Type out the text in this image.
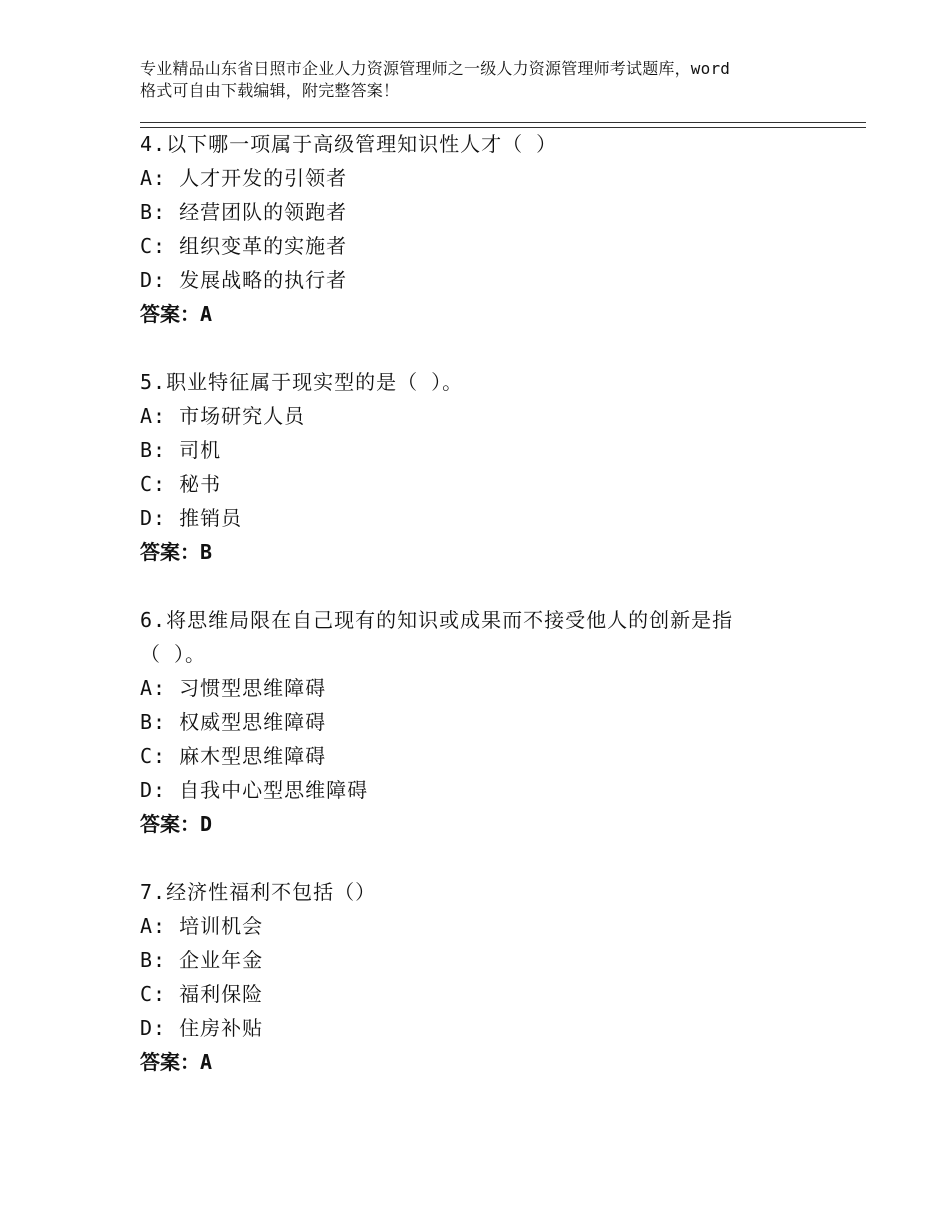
专业精品山东省日照市企业人力资源管理师之一级人力资源管理师考试题库，word
格式可自由下载编辑，附完整答案！
4.以下哪一项属于高级管理知识性人才（ ）
A: 人才开发的引领者
B: 经营团队的领跑者
C: 组织变革的实施者
D: 发展战略的执行者
答案：A
5.职业特征属于现实型的是（ ）。
A: 市场研究人员
B: 司机
C: 秘书
D: 推销员
答案：B
6.将思维局限在自己现有的知识或成果而不接受他人的创新是指
（ ）。
A: 习惯型思维障碍
B: 权威型思维障碍
C: 麻木型思维障碍
D: 自我中心型思维障碍
答案：D
7.经济性福利不包括（）
A: 培训机会
B: 企业年金
C: 福利保险
D: 住房补贴
答案：A
